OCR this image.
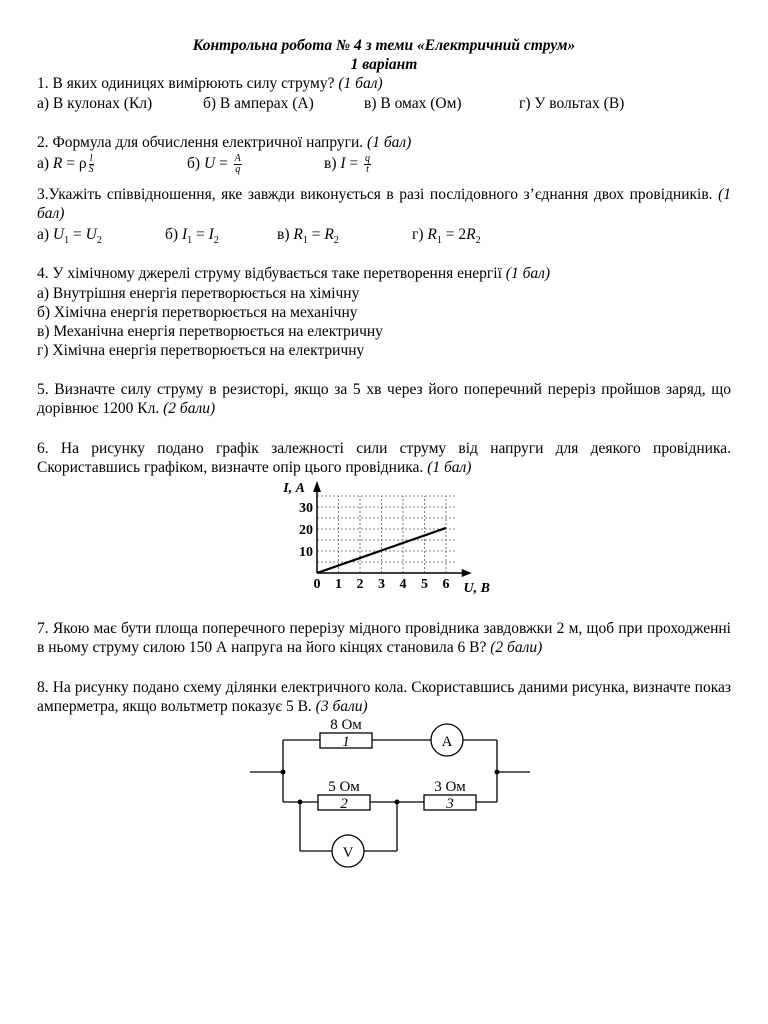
Контрольна робота № 4 з теми «Електричний струм»
1 варіант
1. В яких одиницях вимірюють силу струму? (1 бал)
а) В кулонах (Кл)	б) В амперах (А)	в) В омах (Ом)	г) У вольтах (В)
2. Формула для обчислення електричної напруги. (1 бал)
а) R = ρ $\frac{l}{S}$	б) $U = \frac{A}{q}$	в) $I = \frac{q}{t}$
3.Укажіть співвідношення, яке завжди виконується в разі послідовного з’єднання двох провідників. (1 бал)
а) $U_1 = U_2$	б) $I_1 = I_2$	в) $R_1 = R_2$	г) $R_1 = 2R_2$
4. У хімічному джерелі струму відбувається таке перетворення енергії (1 бал)
а) Внутрішня енергія перетворюється на хімічну
б) Хімічна енергія перетворюється на механічну
в) Механічна енергія перетворюється на електричну
г) Хімічна енергія перетворюється на електричну
5. Визначте силу струму в резисторі, якщо за 5 хв через його поперечний переріз пройшов заряд, що дорівнює 1200 Кл. (2 бали)
6. На рисунку подано графік залежності сили струму від напруги для деякого провідника. Скориставшись графіком, визначте опір цього провідника. (1 бал)
0 1 2 3 4 5 6
10
20
30
I, А
U, В
7. Якою має бути площа поперечного перерізу мідного провідника завдовжки 2 м, щоб при проходженні в ньому струму силою 150 А напруга на його кінцях становила 6 В? (2 бали)
8. На рисунку подано схему ділянки електричного кола. Скориставшись даними рисунка, визначте показ амперметра, якщо вольтметр показує 5 В. (3 бали)
8 Ом
1	A
5 Ом
2
3 Ом
3
V
